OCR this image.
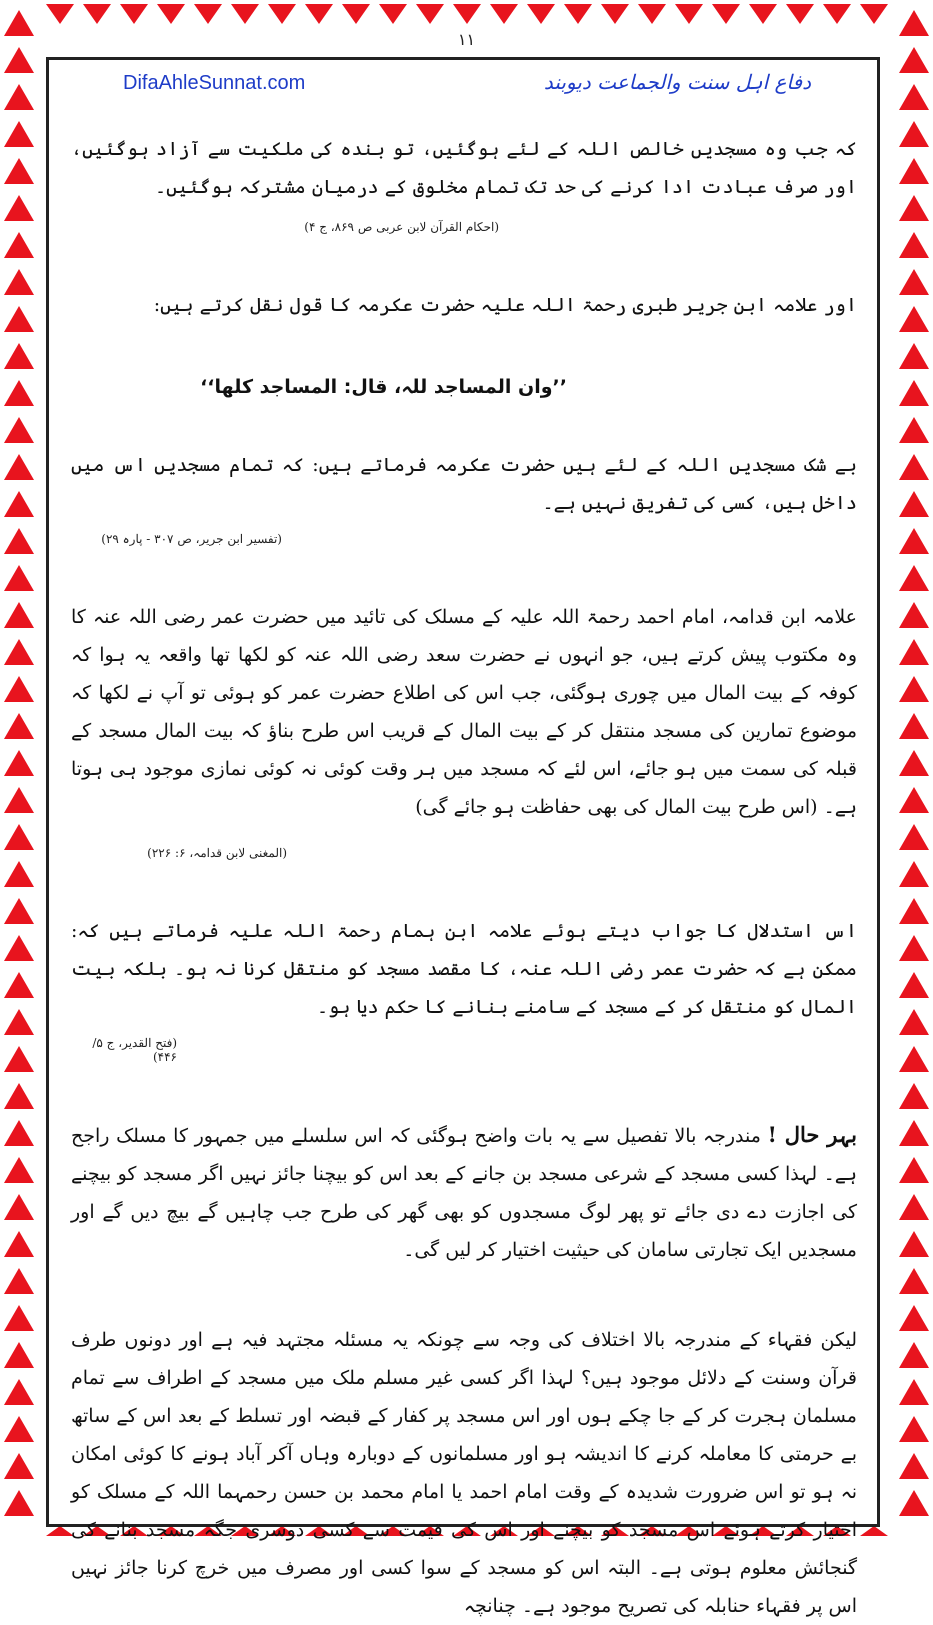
۱۱
DifaAhleSunnat.com	دفاع اہل سنت والجماعت دیوبند

کہ جب وہ مسجدیں خالص اللہ کے لئے ہوگئیں، تو بندہ کی ملکیت سے آزاد ہوگئیں، اور صرف عبادت ادا کرنے کی حد تک تمام مخلوق کے درمیان مشترکہ ہوگئیں۔

(احکام القرآن لابن عربی ص ۸۶۹، ج ۴)

اور علامہ ابن جریر طبری رحمۃ اللہ علیہ حضرت عکرمہ کا قول نقل کرتے ہیں:

’’وان المساجد للہ، قال: المساجد کلھا‘‘

بے شک مسجدیں اللہ کے لئے ہیں حضرت عکرمہ فرماتے ہیں: کہ تمام مسجدیں اس میں داخل ہیں، کسی کی تفریق نہیں ہے۔

(تفسیر ابن جریر، ص ۳۰۷ - پارہ ۲۹)

علامہ ابن قدامہ، امام احمد رحمۃ اللہ علیہ کے مسلک کی تائید میں حضرت عمر رضی اللہ عنہ کا وہ مکتوب پیش کرتے ہیں، جو انہوں نے حضرت سعد رضی اللہ عنہ کو لکھا تھا واقعہ یہ ہوا کہ کوفہ کے بیت المال میں چوری ہوگئی، جب اس کی اطلاع حضرت عمر کو ہوئی تو آپ نے لکھا کہ موضوع تمارین کی مسجد منتقل کر کے بیت المال کے قریب اس طرح بناؤ کہ بیت المال مسجد کے قبلہ کی سمت میں ہو جائے، اس لئے کہ مسجد میں ہر وقت کوئی نہ کوئی نمازی موجود ہی ہوتا ہے۔ (اس طرح بیت المال کی بھی حفاظت ہو جائے گی)

(المغنی لابن قدامہ، ۶: ۲۲۶)

اس استدلال کا جواب دیتے ہوئے علامہ ابن ہمام رحمۃ اللہ علیہ فرماتے ہیں کہ: ممکن ہے کہ حضرت عمر رضی اللہ عنہ، کا مقصد مسجد کو منتقل کرنا نہ ہو۔ بلکہ بیت المال کو منتقل کر کے مسجد کے سامنے بنانے کا حکم دیا ہو۔

(فتح القدیر، ج ۵/ ۴۴۶)

بہر حال ! مندرجہ بالا تفصیل سے یہ بات واضح ہوگئی کہ اس سلسلے میں جمہور کا مسلک راجح ہے۔ لہذا کسی مسجد کے شرعی مسجد بن جانے کے بعد اس کو بیچنا جائز نہیں اگر مسجد کو بیچنے کی اجازت دے دی جائے تو پھر لوگ مسجدوں کو بھی گھر کی طرح جب چاہیں گے بیچ دیں گے اور مسجدیں ایک تجارتی سامان کی حیثیت اختیار کر لیں گی۔

لیکن فقہاء کے مندرجہ بالا اختلاف کی وجہ سے چونکہ یہ مسئلہ مجتہد فیہ ہے اور دونوں طرف قرآن وسنت کے دلائل موجود ہیں؟ لہذا اگر کسی غیر مسلم ملک میں مسجد کے اطراف سے تمام مسلمان ہجرت کر کے جا چکے ہوں اور اس مسجد پر کفار کے قبضہ اور تسلط کے بعد اس کے ساتھ بے حرمتی کا معاملہ کرنے کا اندیشہ ہو اور مسلمانوں کے دوبارہ وہاں آکر آباد ہونے کا کوئی امکان نہ ہو تو اس ضرورت شدیدہ کے وقت امام احمد یا امام محمد بن حسن رحمہما اللہ کے مسلک کو اختیار کرتے ہوئے اس مسجد کو بیچنے اور اس کی قیمت سے کسی دوسری جگہ مسجد بنانے کی گنجائش معلوم ہوتی ہے۔ البتہ اس کو مسجد کے سوا کسی اور مصرف میں خرچ کرنا جائز نہیں اس پر فقہاء حنابلہ کی تصریح موجود ہے۔ چنانچہ
